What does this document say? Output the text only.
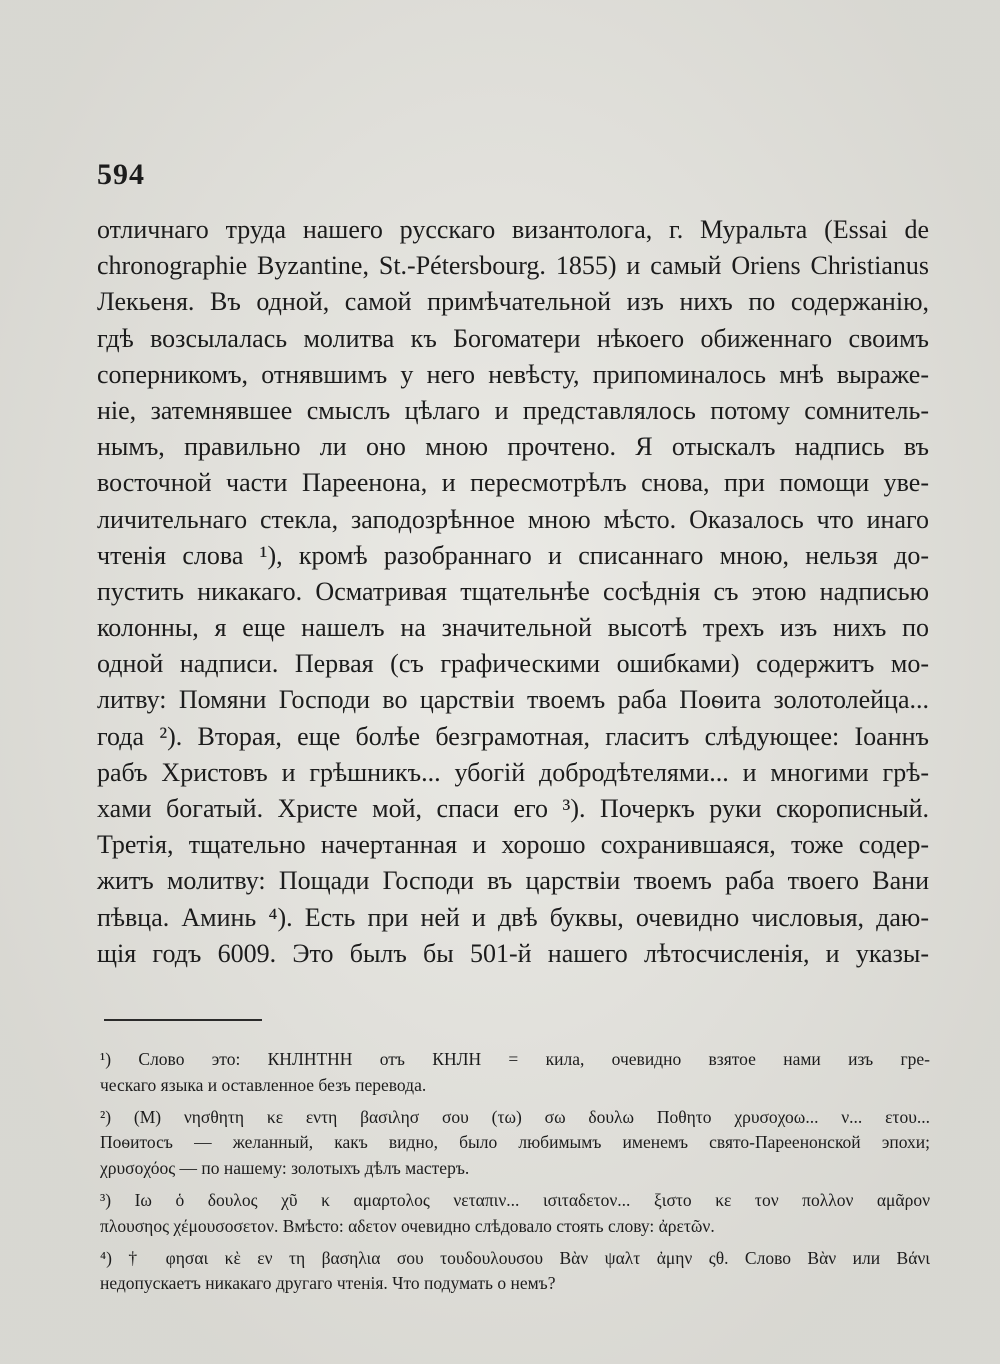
594
отличнаго труда нашего русскаго византолога, г. Муральта (Essai de
chronographie Byzantine, St.-Pétersbourg. 1855) и самый Oriens Christianus
Лекьеня. Въ одной, самой примѣчательной изъ нихъ по содержанію,
гдѣ возсылалась молитва къ Богоматери нѣкоего обиженнаго своимъ
соперникомъ, отнявшимъ у него невѣсту, припоминалось мнѣ выраже-
ніе, затемнявшее смыслъ цѣлаго и представлялось потому сомнитель-
нымъ, правильно ли оно мною прочтено. Я отыскалъ надпись въ
восточной части Пареенона, и пересмотрѣлъ снова, при помощи уве-
личительнаго стекла, заподозрѣнное мною мѣсто. Оказалось что инаго
чтенія слова ¹), кромѣ разобраннаго и списаннаго мною, нельзя до-
пустить никакаго. Осматривая тщательнѣе сосѣднія съ этою надписью
колонны, я еще нашелъ на значительной высотѣ трехъ изъ нихъ по
одной надписи. Первая (съ графическими ошибками) содержитъ мо-
литву: Помяни Господи во царствіи твоемъ раба Поѳита золотолейца...
года ²). Вторая, еще болѣе безграмотная, гласитъ слѣдующее: Іоаннъ
рабъ Христовъ и грѣшникъ... убогій добродѣтелями... и многими грѣ-
хами богатый. Христе мой, спаси его ³). Почеркъ руки скорописный.
Третія, тщательно начертанная и хорошо сохранившаяся, тоже содер-
житъ молитву: Пощади Господи въ царствіи твоемъ раба твоего Вани
пѣвца. Аминь ⁴). Есть при ней и двѣ буквы, очевидно числовыя, даю-
щія годъ 6009. Это былъ бы 501-й нашего лѣтосчисленія, и указы-
¹) Слово это: КНЛНТНН отъ КНЛН = кила, очевидно взятое нами изъ гре-
ческаго языка и оставленное безъ перевода.
²) (Μ) νησθητη κε εντη βασιλησ σου (τω) σω δουλω Ποθητο χρυσοχοω... ν... ετου...
Поѳитосъ — желанный, какъ видно, было любимымъ именемъ свято-Пареенонской эпохи;
χρυσοχόος — по нашему: золотыхъ дѣлъ мастеръ.
³) Ιω ὁ δουλος χῦ κ αμαρτολος νεταπιν... ισιταδετον... ξιστο κε τον πολλον αμᾶρον
πλουσηος χέμουσοσετον. Вмѣсто: αδετον очевидно слѣдовало стоять слову: ἀρετῶν.
⁴) † φησαι κὲ εν τη βασηλια σου τουδουλουσου Βὰν ψαλτ ἀμην ςθ. Слово Βὰν или Βάνι
недопускаетъ никакаго другаго чтенія. Что подумать о немъ?
